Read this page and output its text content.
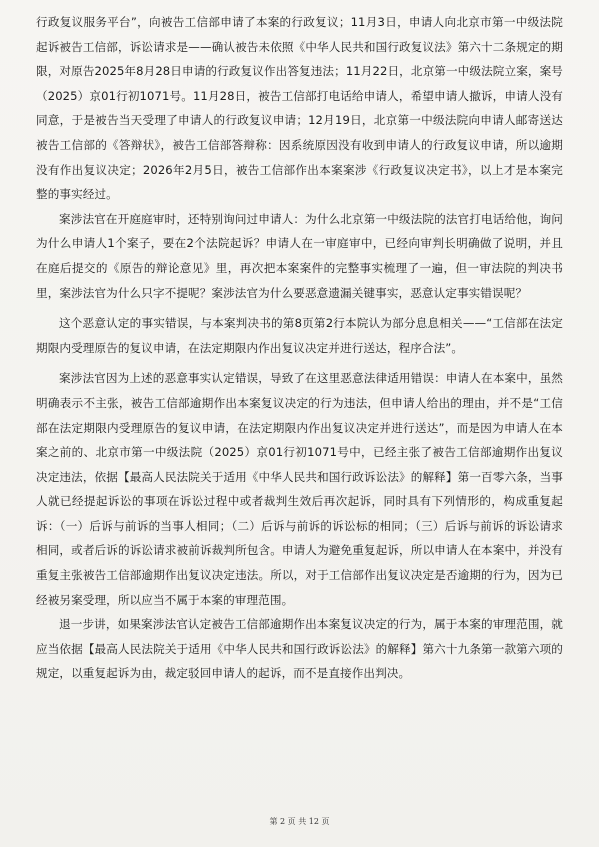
行政复议服务平台”，向被告工信部申请了本案的行政复议；11月3日，申请人向北京市第一中级法院起诉被告工信部，诉讼请求是——确认被告未依照《中华人民共和国行政复议法》第六十二条规定的期限，对原告2025年8月28日申请的行政复议作出答复违法；11月22日，北京第一中级法院立案，案号（2025）京01行初1071号。11月28日，被告工信部打电话给申请人，希望申请人撤诉，申请人没有同意，于是被告当天受理了申请人的行政复议申请；12月19日，北京第一中级法院向申请人邮寄送达被告工信部的《答辩状》，被告工信部答辩称：因系统原因没有收到申请人的行政复议申请，所以逾期没有作出复议决定；2026年2月5日，被告工信部作出本案案涉《行政复议决定书》，以上才是本案完整的事实经过。

案涉法官在开庭庭审时，还特别询问过申请人：为什么北京第一中级法院的法官打电话给他，询问为什么申请人1个案子，要在2个法院起诉？申请人在一审庭审中，已经向审判长明确做了说明，并且在庭后提交的《原告的辩论意见》里，再次把本案案件的完整事实梳理了一遍，但一审法院的判决书里，案涉法官为什么只字不提呢？案涉法官为什么要恶意遗漏关键事实，恶意认定事实错误呢？

这个恶意认定的事实错误，与本案判决书的第8页第2行本院认为部分息息相关——“工信部在法定期限内受理原告的复议申请，在法定期限内作出复议决定并进行送达，程序合法”。

案涉法官因为上述的恶意事实认定错误，导致了在这里恶意法律适用错误：申请人在本案中，虽然明确表示不主张，被告工信部逾期作出本案复议决定的行为违法，但申请人给出的理由，并不是“工信部在法定期限内受理原告的复议申请，在法定期限内作出复议决定并进行送达”，而是因为申请人在本案之前的、北京市第一中级法院（2025）京01行初1071号中，已经主张了被告工信部逾期作出复议决定违法，依据【最高人民法院关于适用《中华人民共和国行政诉讼法》的解释】第一百零六条，当事人就已经提起诉讼的事项在诉讼过程中或者裁判生效后再次起诉，同时具有下列情形的，构成重复起诉：（一）后诉与前诉的当事人相同；（二）后诉与前诉的诉讼标的相同；（三）后诉与前诉的诉讼请求相同，或者后诉的诉讼请求被前诉裁判所包含。申请人为避免重复起诉，所以申请人在本案中，并没有重复主张被告工信部逾期作出复议决定违法。所以，对于工信部作出复议决定是否逾期的行为，因为已经被另案受理，所以应当不属于本案的审理范围。

退一步讲，如果案涉法官认定被告工信部逾期作出本案复议决定的行为，属于本案的审理范围，就应当依据【最高人民法院关于适用《中华人民共和国行政诉讼法》的解释】第六十九条第一款第六项的规定，以重复起诉为由，裁定驳回申请人的起诉，而不是直接作出判决。

第 2 页 共 12 页
